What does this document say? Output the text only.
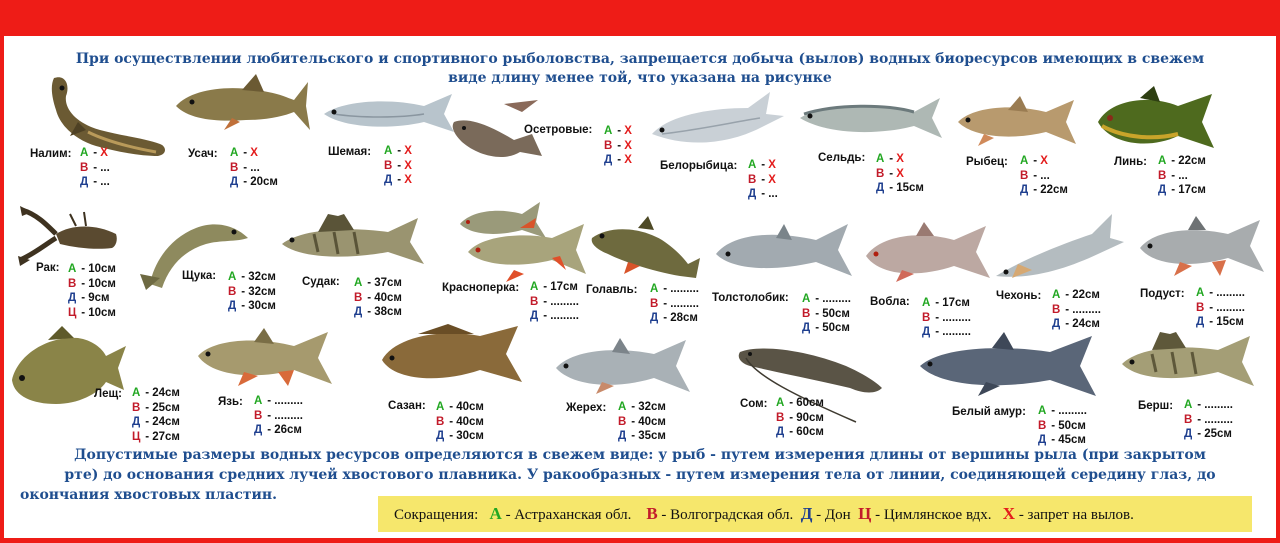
При осуществлении любительского и спортивного рыболовства, запрещается добыча (вылов) водных биоресурсов имеющих в свежем
виде длину менее той, что указана на рисунке
Налим: А - Х
В - ...
Д - ...
Усач: А - Х
В - ...
Д - 20см
Шемая: А - Х
В - Х
Д - Х
Осетровые: А - Х
В - Х
Д - Х Белорыбица: А - Х
В - Х
Д - ...
Сельдь: А - Х
В - Х
Д - 15см
Рыбец: А - Х
В - ...
Д - 22см
Линь: А - 22см
В - ...
Д - 17см
Рак: А - 10см
В - 10см
Д - 9см
Ц - 10см
Щука: А - 32см
В - 32см
Д - 30см
Судак: А - 37см
В - 40см
Д - 38см
Красноперка: А - 17см
В - .........
Д - .........
Голавль: А - .........
В - .........
Д - 28см
Толстолобик: А - .........
В - 50см
Д - 50см
Вобла: А - 17см
В - .........
Д - .........
Чехонь: А - 22см
В - .........
Д - 24см
Подуст: А - .........
В - .........
Д - 15см
Лещ: А - 24см
В - 25см
Д - 24см
Ц - 27см
Язь: А - .........
В - .........
Д - 26см
Сазан: А - 40см
В - 40см
Д - 30см
Жерех: А - 32см
В - 40см
Д - 35см
Сом: А - 60см
В - 90см
Д - 60см
Белый амур: А - .........
В - 50см
Д - 45см
Берш: А - .........
В - .........
Д - 25см
Допустимые размеры водных ресурсов определяются в свежем виде: у рыб - путем измерения длины от вершины рыла (при закрытом
рте) до основания средних лучей хвостового плавника. У ракообразных - путем измерения тела от линии, соединяющей середину глаз, до
окончания хвостовых пластин.
Сокращения: А - Астраханская обл. В - Волгоградская обл. Д - Дон Ц - Цимлянское вдх. Х - запрет на вылов.
